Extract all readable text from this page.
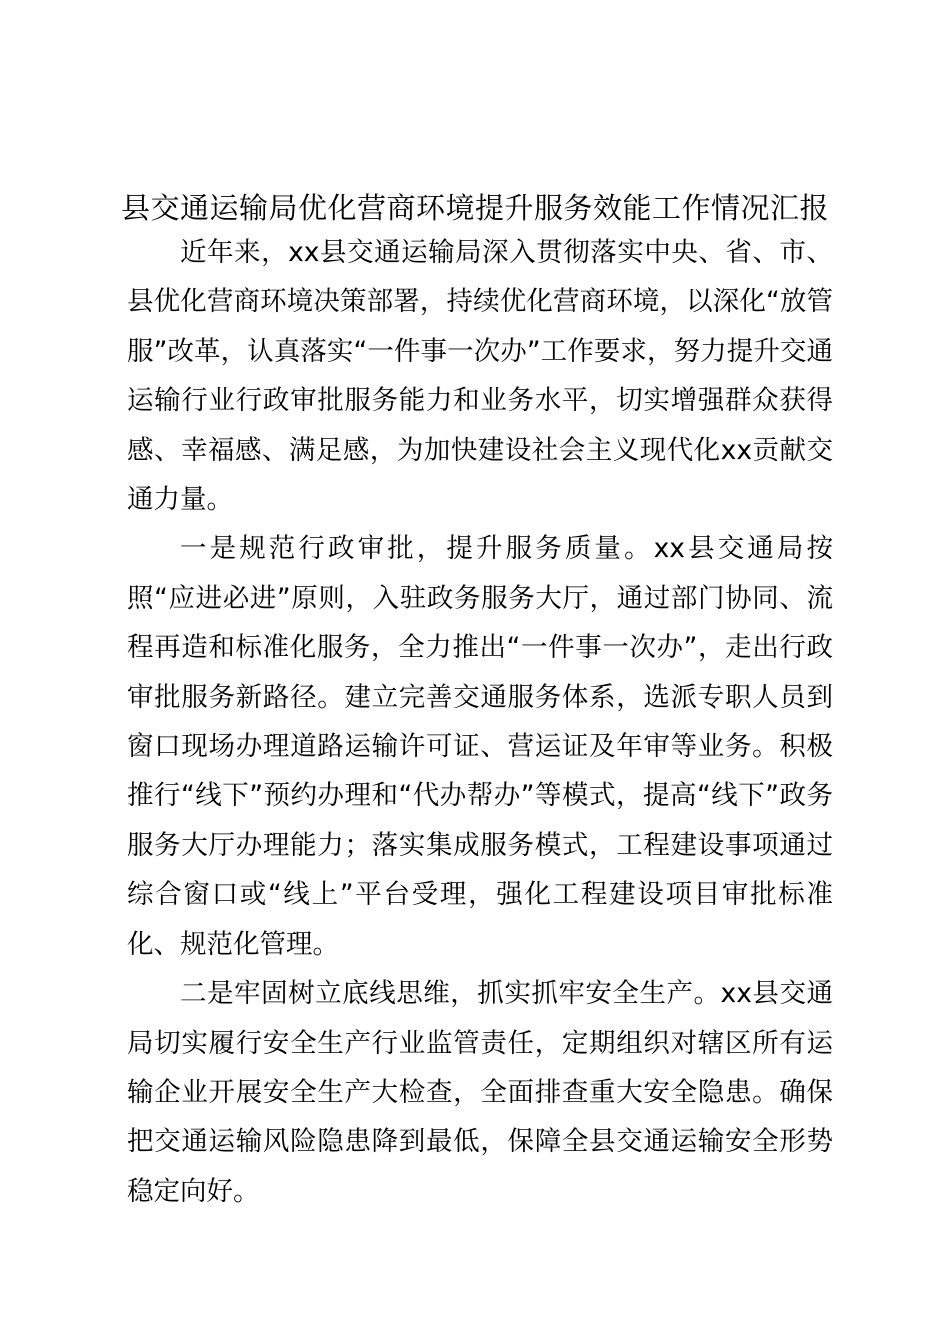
县交通运输局优化营商环境提升服务效能工作情况汇报

近年来，xx县交通运输局深入贯彻落实中央、省、市、县优化营商环境决策部署，持续优化营商环境，以深化“放管服”改革，认真落实“一件事一次办”工作要求，努力提升交通运输行业行政审批服务能力和业务水平，切实增强群众获得感、幸福感、满足感，为加快建设社会主义现代化xx贡献交通力量。

一是规范行政审批，提升服务质量。xx县交通局按照“应进必进”原则，入驻政务服务大厅，通过部门协同、流程再造和标准化服务，全力推出“一件事一次办”，走出行政审批服务新路径。建立完善交通服务体系，选派专职人员到窗口现场办理道路运输许可证、营运证及年审等业务。积极推行“线下”预约办理和“代办帮办”等模式，提高“线下”政务服务大厅办理能力；落实集成服务模式，工程建设事项通过综合窗口或“线上”平台受理，强化工程建设项目审批标准化、规范化管理。

二是牢固树立底线思维，抓实抓牢安全生产。xx县交通局切实履行安全生产行业监管责任，定期组织对辖区所有运输企业开展安全生产大检查，全面排查重大安全隐患。确保把交通运输风险隐患降到最低，保障全县交通运输安全形势稳定向好。
